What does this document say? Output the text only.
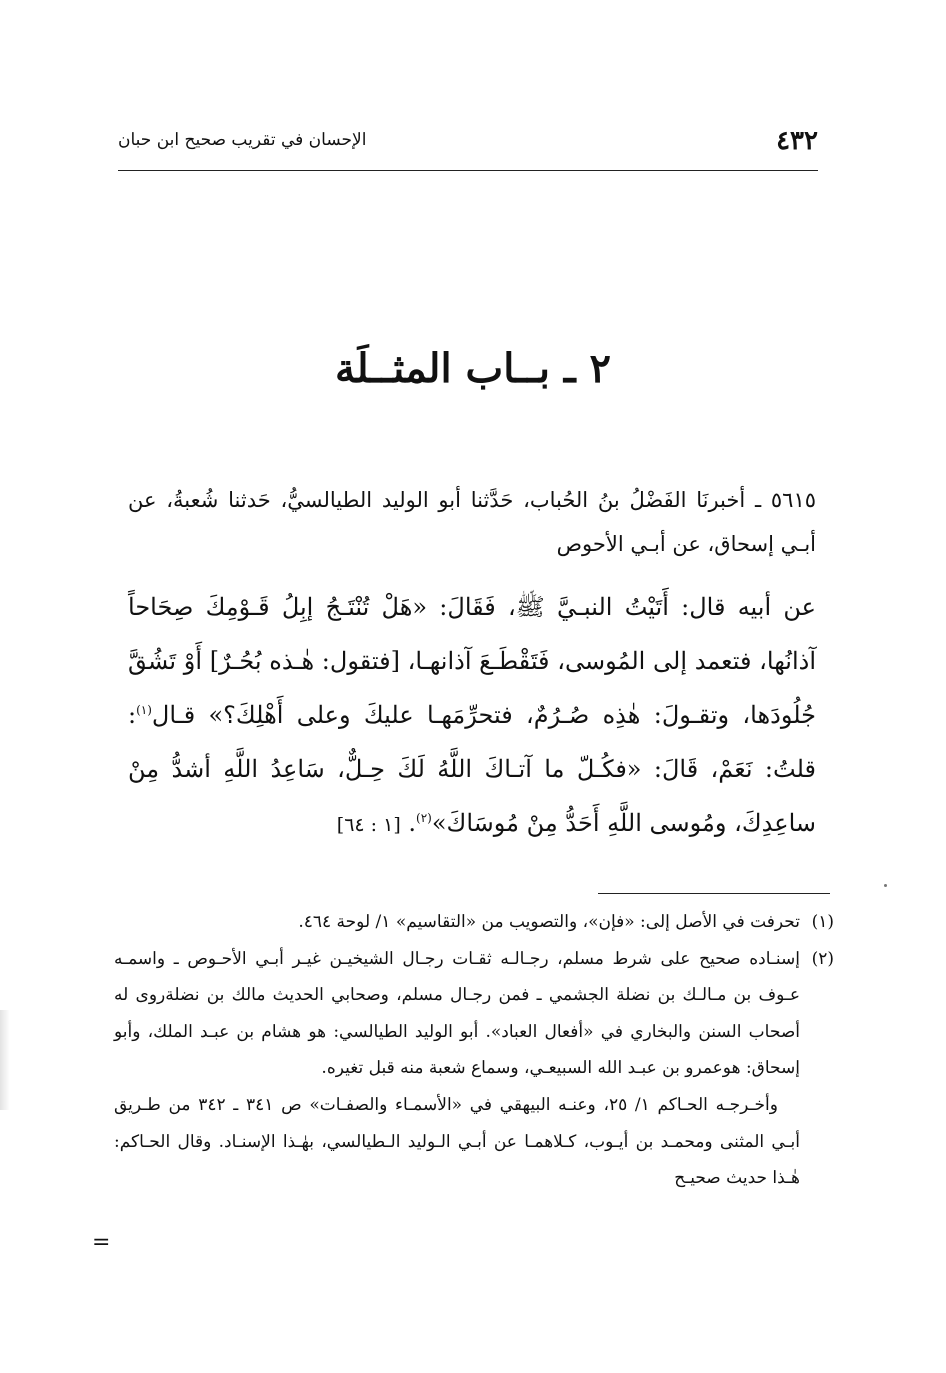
٤٣٢
الإحسان في تقريب صحيح ابن حبان
٢ ـ بــاب المثــلَة

٥٦١٥ ـ أخبرنَا الفَضْلُ بنُ الحُباب، حَدَّثنا أبو الوليد الطيالسيُّ، حَدثنا شُعبةُ، عن أبـي إسحاق، عن أبـي الأحوص

عن أبيه قال: أَتَيْتُ النبـيَّ ﷺ، فَقَالَ: «هَلْ تُنْتَـجُ إبِلُ قَـوْمِكَ صِحَاحاً آذانُها، فتعمد إلى المُوسى، فَتَقْطَـعَ آذانهـا، [فتقول: هٰـذه بُحُـرٌ] أَوْ تَشُقَّ جُلُودَها، وتقـولَ: هٰذِه صُـرُمٌ، فتحرِّمَهـا عليكَ وعلى أَهْلِكَ؟» قـال$^{(١)}$: قلتُ: نَعَمْ، قَالَ: «فكُـلّ ما آتـاكَ اللَّهُ لَكَ حِـلٌّ، سَاعِدُ اللَّهِ أشدُّ مِنْ ساعِدِكَ، ومُوسى اللَّهِ أَحَدُّ مِنْ مُوسَاكَ»$^{(٢)}$. [١ : ٦٤]

(١)

تحرفت في الأصل إلى: «فإن»، والتصويب من «التقاسيم» ١/ لوحة ٤٦٤.

(٢)

إسنـاده صحيح على شرط مسلم، رجـالـه ثقـات رجـال الشيخيـن غيـر أبـي الأحـوص ـ واسمـه عـوف بن مـالـك بن نضلة الجشمي ـ فمن رجـال مسلم، وصحابي الحديث مالك بن نضلةروى له أصحاب السنن والبخاري في «أفعال العباد». أبو الوليد الطيالسي: هو هشام بن عبـد الملك، وأبو إسحاق: هوعمرو بن عبـد الله السبيعـي، وسماع شعبة منه قبل تغيره.

وأخـرجـه الحـاكم ١/ ٢٥، وعنـه البيهقي في «الأسمـاء والصفـات» ص ٣٤١ ـ ٣٤٢ من طـريق أبـي المثنى ومحمـد بن أيـوب، كـلاهمـا عن أبـي الـوليد الـطيالسي، بهٰـذا الإسنـاد. وقال الحـاكم: هٰـذا حديث صحيـح

=
